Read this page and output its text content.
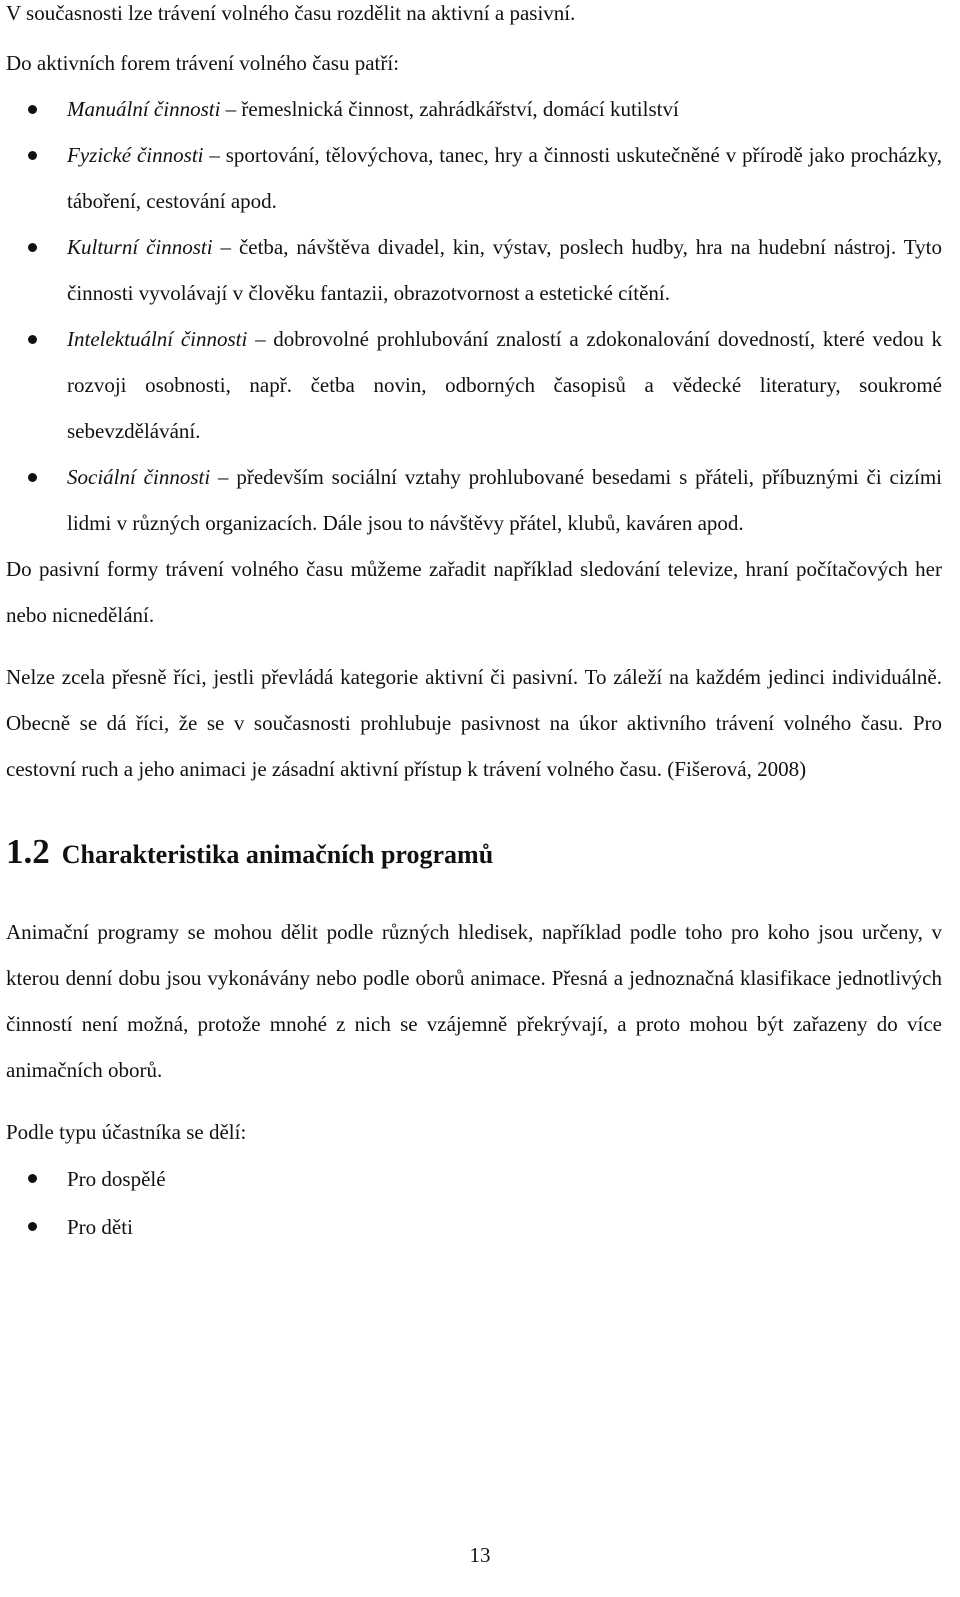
V současnosti lze trávení volného času rozdělit na aktivní a pasivní.

Do aktivních forem trávení volného času patří:

Manuální činnosti – řemeslnická činnost, zahrádkářství, domácí kutilství
Fyzické činnosti – sportování, tělovýchova, tanec, hry a činnosti uskutečněné v přírodě jako procházky, táboření, cestování apod.
Kulturní činnosti – četba, návštěva divadel, kin, výstav, poslech hudby, hra na hudební nástroj. Tyto činnosti vyvolávají v člověku fantazii, obrazotvornost a estetické cítění.
Intelektuální činnosti – dobrovolné prohlubování znalostí a zdokonalování dovedností, které vedou k rozvoji osobnosti, např. četba novin, odborných časopisů a vědecké literatury, soukromé sebevzdělávání.
Sociální činnosti – především sociální vztahy prohlubované besedami s přáteli, příbuznými či cizími lidmi v různých organizacích. Dále jsou to návštěvy přátel, klubů, kaváren apod.

Do pasivní formy trávení volného času můžeme zařadit například sledování televize, hraní počítačových her nebo nicnedělání.

Nelze zcela přesně říci, jestli převládá kategorie aktivní či pasivní. To záleží na každém jedinci individuálně. Obecně se dá říci, že se v současnosti prohlubuje pasivnost na úkor aktivního trávení volného času. Pro cestovní ruch a jeho animaci je zásadní aktivní přístup k trávení volného času. (Fišerová, 2008)

1.2 Charakteristika animačních programů

Animační programy se mohou dělit podle různých hledisek, například podle toho pro koho jsou určeny, v kterou denní dobu jsou vykonávány nebo podle oborů animace. Přesná a jednoznačná klasifikace jednotlivých činností není možná, protože mnohé z nich se vzájemně překrývají, a proto mohou být zařazeny do více animačních oborů.

Podle typu účastníka se dělí:

Pro dospělé
Pro děti
13
